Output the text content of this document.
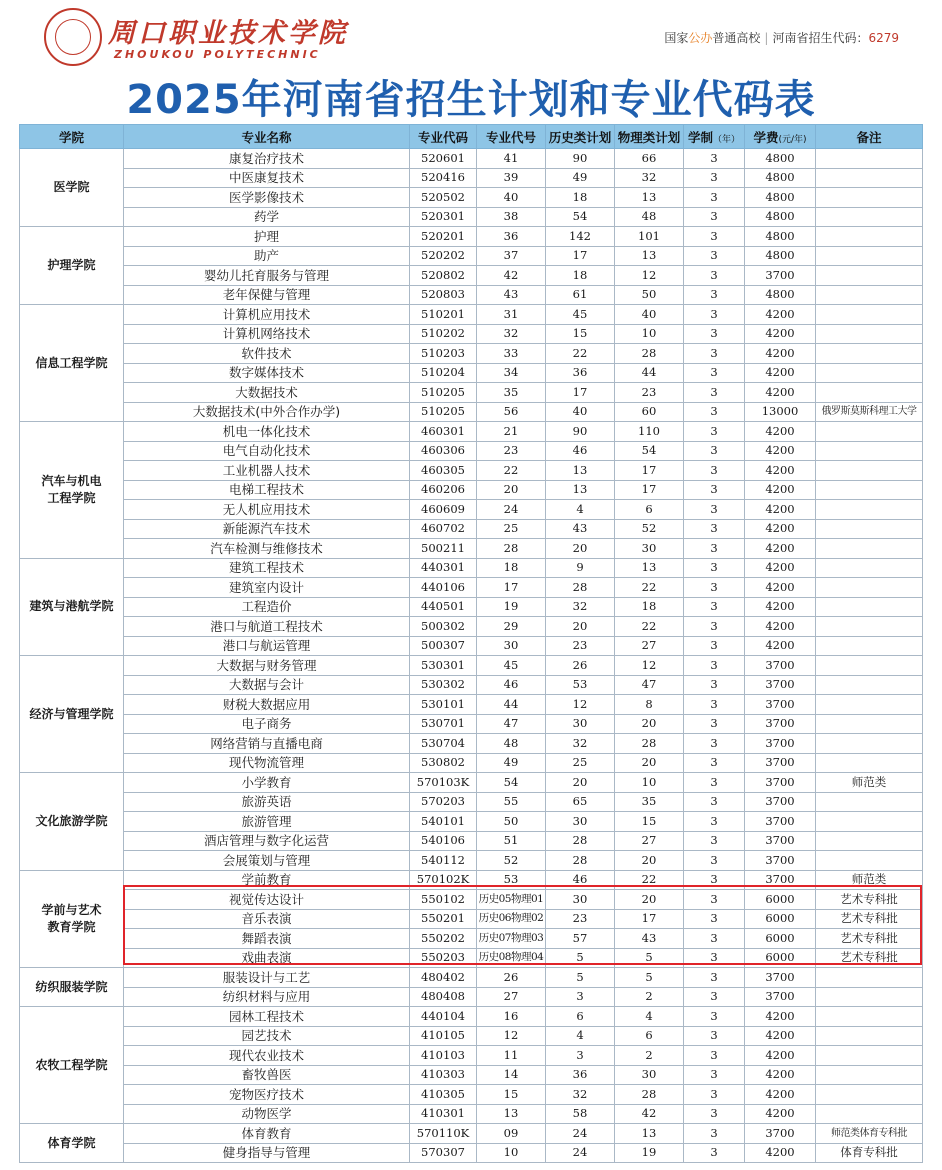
周口职业技术学院
ZHOUKOU POLYTECHNIC
国家公办普通高校 | 河南省招生代码：6279
2025年河南省招生计划和专业代码表
学院	专业名称	专业代码	专业代号	历史类计划	物理类计划	学制（年）	学费(元/年)	备注
医学院	康复治疗技术	520601	41	90	66	3	4800	
	中医康复技术	520416	39	49	32	3	4800	
	医学影像技术	520502	40	18	13	3	4800	
	药学	520301	38	54	48	3	4800	
护理学院	护理	520201	36	142	101	3	4800	
	助产	520202	37	17	13	3	4800	
	婴幼儿托育服务与管理	520802	42	18	12	3	3700	
	老年保健与管理	520803	43	61	50	3	4800	
信息工程学院	计算机应用技术	510201	31	45	40	3	4200	
	计算机网络技术	510202	32	15	10	3	4200	
	软件技术	510203	33	22	28	3	4200	
	数字媒体技术	510204	34	36	44	3	4200	
	大数据技术	510205	35	17	23	3	4200	
	大数据技术(中外合作办学)	510205	56	40	60	3	13000	俄罗斯莫斯科理工大学
汽车与机电
工程学院	机电一体化技术	460301	21	90	110	3	4200	
	电气自动化技术	460306	23	46	54	3	4200	
	工业机器人技术	460305	22	13	17	3	4200	
	电梯工程技术	460206	20	13	17	3	4200	
	无人机应用技术	460609	24	4	6	3	4200	
	新能源汽车技术	460702	25	43	52	3	4200	
	汽车检测与维修技术	500211	28	20	30	3	4200	
建筑与港航学院	建筑工程技术	440301	18	9	13	3	4200	
	建筑室内设计	440106	17	28	22	3	4200	
	工程造价	440501	19	32	18	3	4200	
	港口与航道工程技术	500302	29	20	22	3	4200	
	港口与航运管理	500307	30	23	27	3	4200	
经济与管理学院	大数据与财务管理	530301	45	26	12	3	3700	
	大数据与会计	530302	46	53	47	3	3700	
	财税大数据应用	530101	44	12	8	3	3700	
	电子商务	530701	47	30	20	3	3700	
	网络营销与直播电商	530704	48	32	28	3	3700	
	现代物流管理	530802	49	25	20	3	3700	
文化旅游学院	小学教育	570103K	54	20	10	3	3700	师范类
	旅游英语	570203	55	65	35	3	3700	
	旅游管理	540101	50	30	15	3	3700	
	酒店管理与数字化运营	540106	51	28	27	3	3700	
	会展策划与管理	540112	52	28	20	3	3700	
学前与艺术
教育学院	学前教育	570102K	53	46	22	3	3700	师范类
	视觉传达设计	550102	历史05物理01	30	20	3	6000	艺术专科批
	音乐表演	550201	历史06物理02	23	17	3	6000	艺术专科批
	舞蹈表演	550202	历史07物理03	57	43	3	6000	艺术专科批
	戏曲表演	550203	历史08物理04	5	5	3	6000	艺术专科批
纺织服装学院	服装设计与工艺	480402	26	5	5	3	3700	
	纺织材料与应用	480408	27	3	2	3	3700	
农牧工程学院	园林工程技术	440104	16	6	4	3	4200	
	园艺技术	410105	12	4	6	3	4200	
	现代农业技术	410103	11	3	2	3	4200	
	畜牧兽医	410303	14	36	30	3	4200	
	宠物医疗技术	410305	15	32	28	3	4200	
	动物医学	410301	13	58	42	3	4200	
体育学院	体育教育	570110K	09	24	13	3	3700	师范类体育专科批
	健身指导与管理	570307	10	24	19	3	4200	体育专科批
